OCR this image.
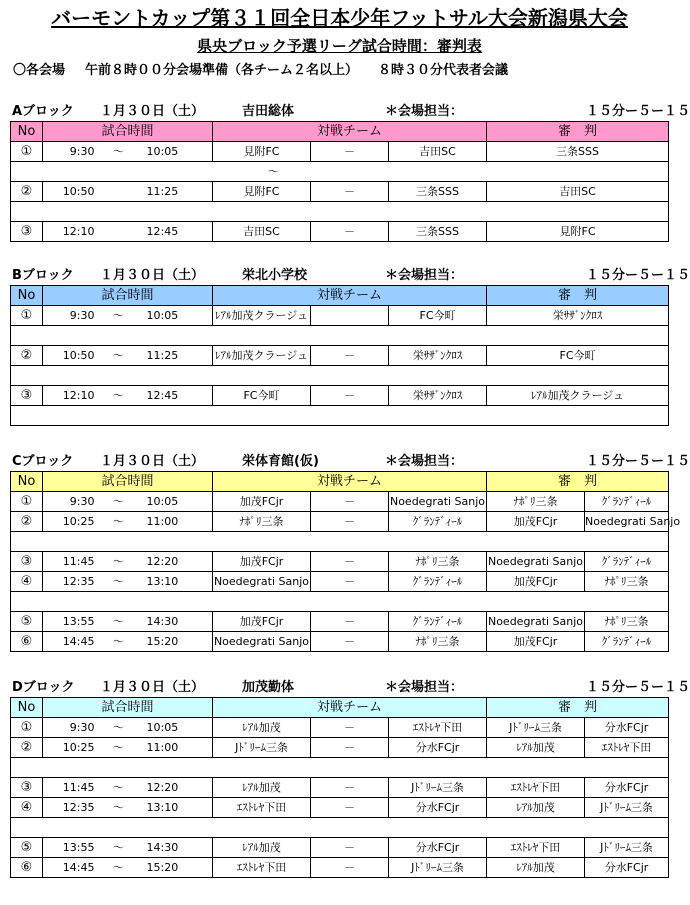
バーモントカップ第３１回全日本少年フットサル大会新潟県大会
県央ブロック予選リーグ試合時間：審判表
〇各会場 午前８時００分会場準備（各チーム２名以上） ８時３０分代表者会議
Aブロック １月３０日（土）	吉田総体	＊会場担当：	１５分ー５ー１５
No	試合時間			対戦チーム			審　判
①	9:30	～	10:05	見附FC	－	吉田SC	三条SSS
～							
②	10:50		11:25	見附FC	－	三条SSS	吉田SC

③	12:10		12:45	吉田SC	－	三条SSS	見附FC
Bブロック １月３０日（土）	栄北小学校	＊会場担当：	１５分ー５ー１５
No	試合時間			対戦チーム			審　判
①	9:30	～	10:05	ﾚｱﾙ加茂クラージュ		FC今町	栄ｻｻﾞﾝｸﾛｽ

②	10:50	～	11:25	ﾚｱﾙ加茂クラージュ	－	栄ｻｻﾞﾝｸﾛｽ	FC今町

③	12:10	～	12:45	FC今町	－	栄ｻｻﾞﾝｸﾛｽ	ﾚｱﾙ加茂クラージュ

Cブロック １月３０日（土）	栄体育館(仮)	＊会場担当：	１５分ー５ー１５
No	試合時間			対戦チーム			審　判	
①	9:30	～	10:05	加茂FCjr	－	Noedegrati Sanjo	ﾅﾎﾟﾘ三条	ｸﾞﾗﾝﾃﾞｨｰﾙ
②	10:25	～	11:00	ﾅﾎﾟﾘ三条	－	ｸﾞﾗﾝﾃﾞｨｰﾙ	加茂FCjr	Noedegrati Sanjo

③	11:45	～	12:20	加茂FCjr	－	ﾅﾎﾟﾘ三条	Noedegrati Sanjo	ｸﾞﾗﾝﾃﾞｨｰﾙ
④	12:35	～	13:10	Noedegrati Sanjo	－	ｸﾞﾗﾝﾃﾞｨｰﾙ	加茂FCjr	ﾅﾎﾟﾘ三条

⑤	13:55	～	14:30	加茂FCjr	－	ｸﾞﾗﾝﾃﾞｨｰﾙ	Noedegrati Sanjo	ﾅﾎﾟﾘ三条
⑥	14:45	～	15:20	Noedegrati Sanjo	－	ﾅﾎﾟﾘ三条	加茂FCjr	ｸﾞﾗﾝﾃﾞｨｰﾙ
Dブロック １月３０日（土）	加茂勤体	＊会場担当：	１５分ー５ー１５
No	試合時間			対戦チーム			審　判	
①	9:30	～	10:05	ﾚｱﾙ加茂	－	ｴｽﾄﾚﾔ下田	Jﾄﾞﾘｰﾑ三条	分水FCjr
②	10:25	～	11:00	Jﾄﾞﾘｰﾑ三条	－	分水FCjr	ﾚｱﾙ加茂	ｴｽﾄﾚﾔ下田

③	11:45	～	12:20	ﾚｱﾙ加茂	－	Jﾄﾞﾘｰﾑ三条	ｴｽﾄﾚﾔ下田	分水FCjr
④	12:35	～	13:10	ｴｽﾄﾚﾔ下田	－	分水FCjr	ﾚｱﾙ加茂	Jﾄﾞﾘｰﾑ三条

⑤	13:55	～	14:30	ﾚｱﾙ加茂	－	分水FCjr	ｴｽﾄﾚﾔ下田	Jﾄﾞﾘｰﾑ三条
⑥	14:45	～	15:20	ｴｽﾄﾚﾔ下田	－	Jﾄﾞﾘｰﾑ三条	ﾚｱﾙ加茂	分水FCjr
